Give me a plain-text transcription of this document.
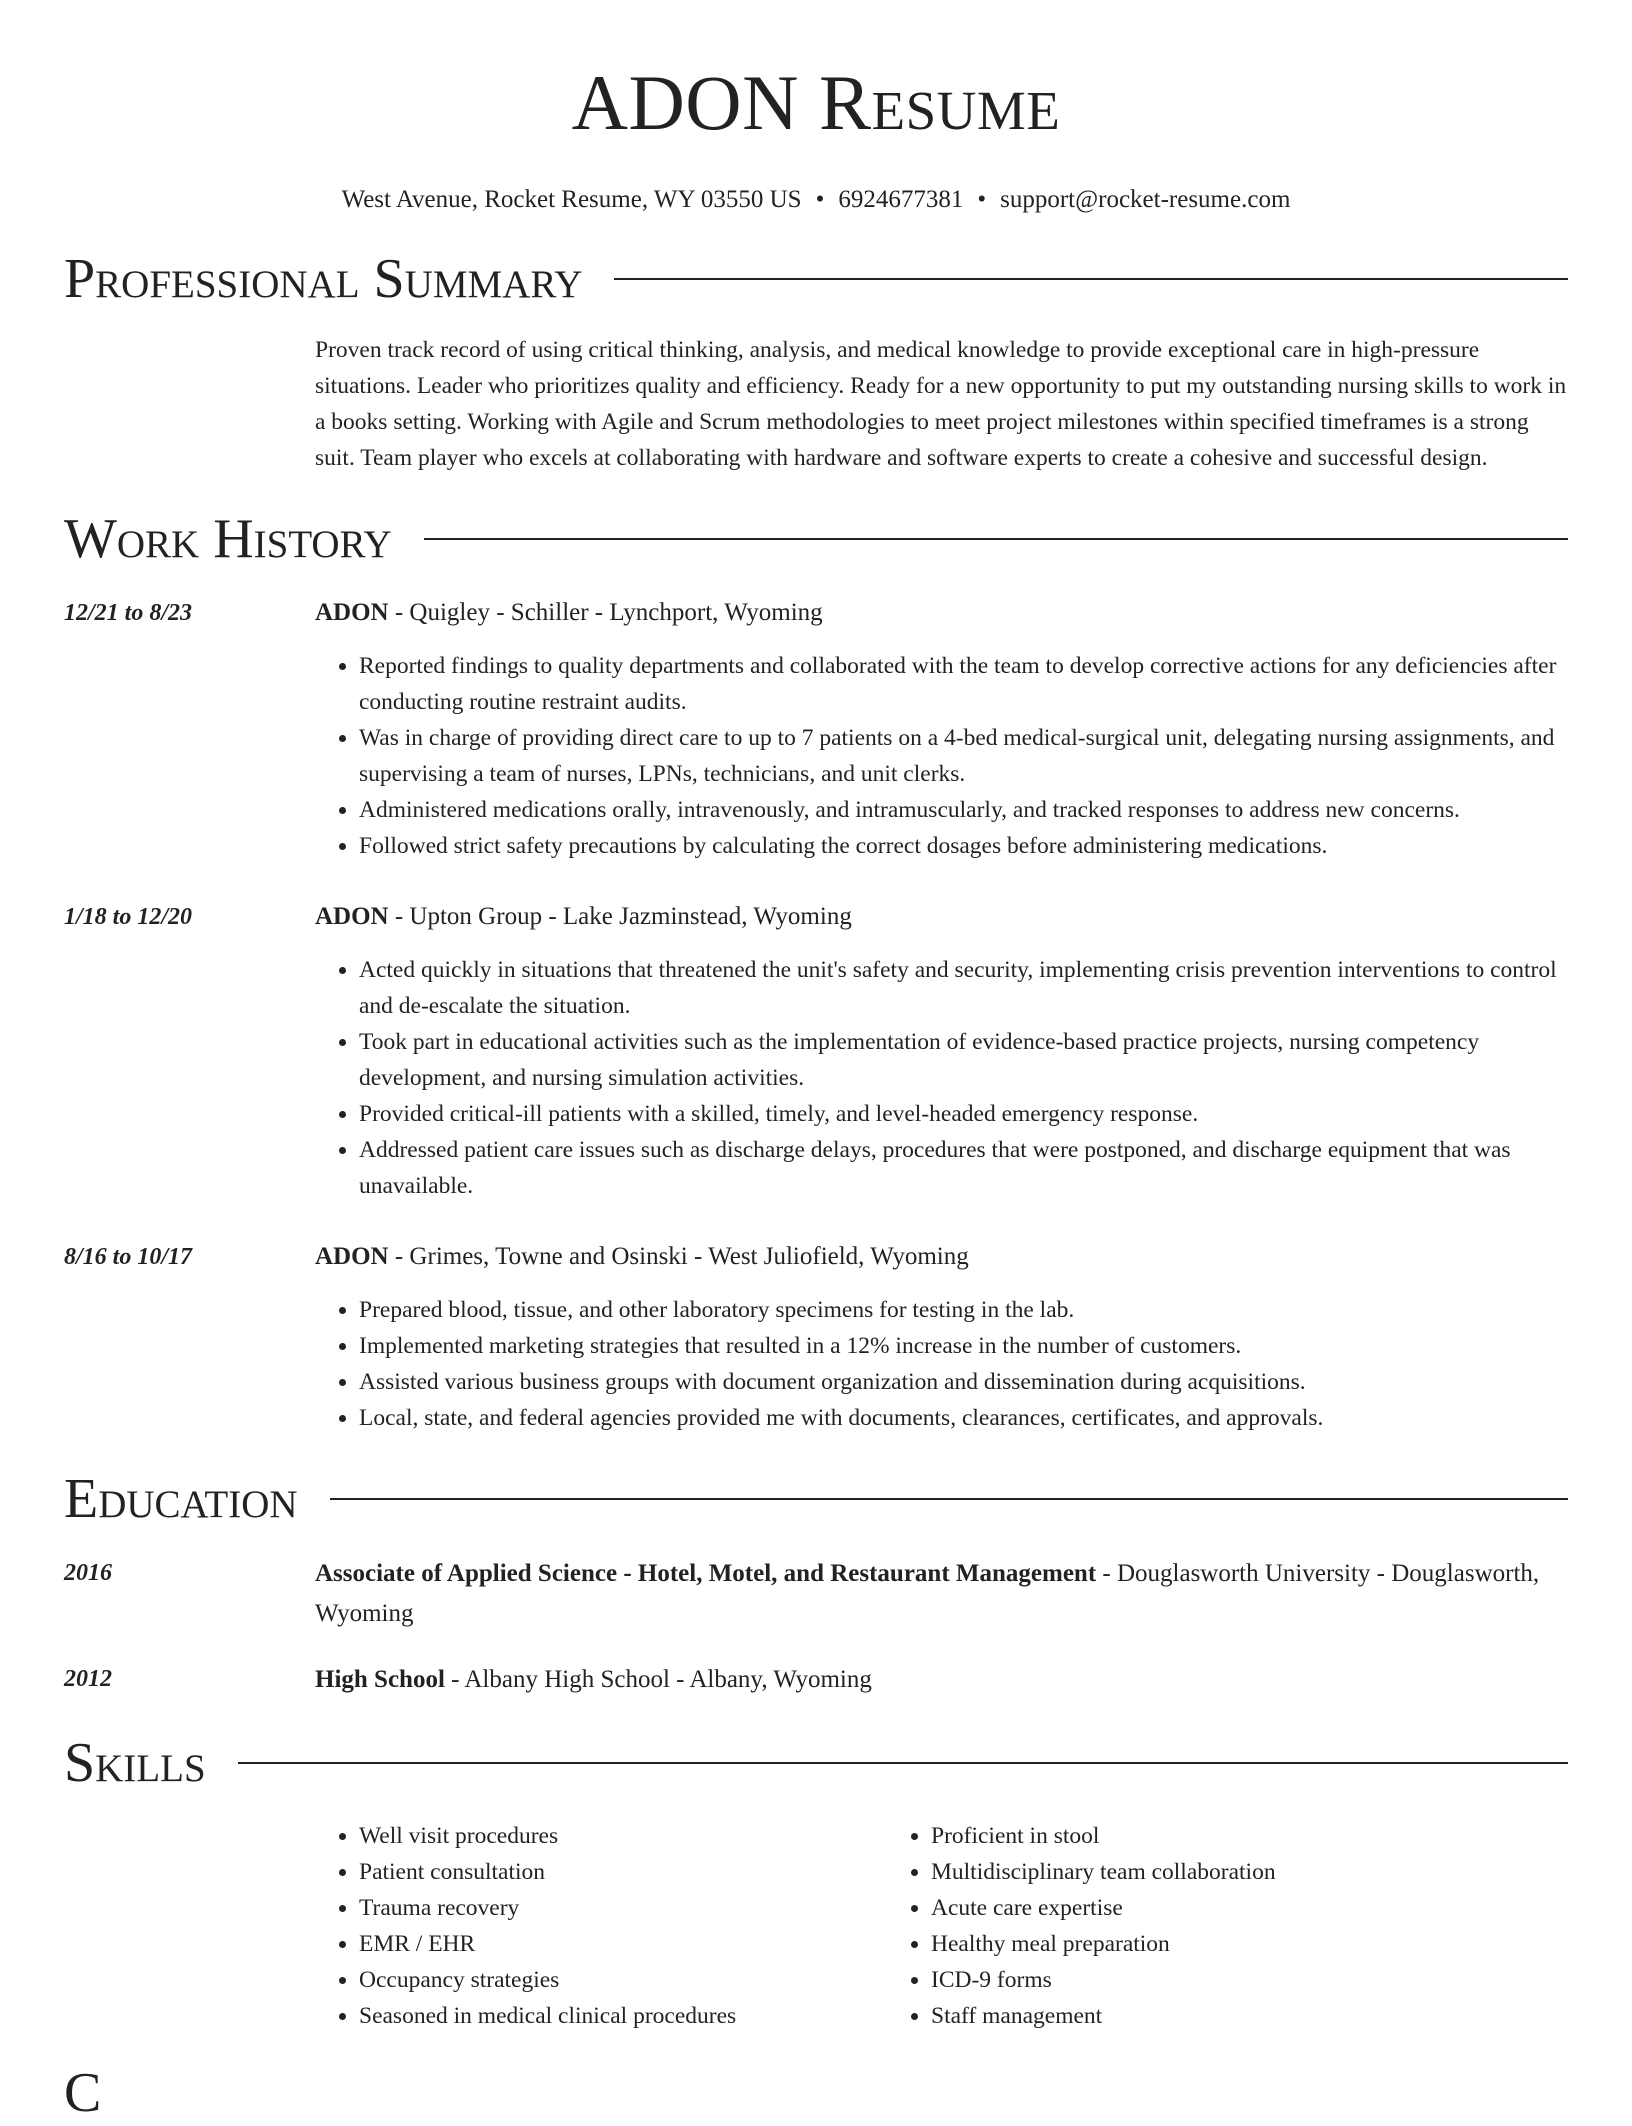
ADON Resume
West Avenue, Rocket Resume, WY 03550 US • 6924677381 • support@rocket-resume.com
Professional Summary
Proven track record of using critical thinking, analysis, and medical knowledge to provide exceptional care in high-pressure situations. Leader who prioritizes quality and efficiency. Ready for a new opportunity to put my outstanding nursing skills to work in a books setting. Working with Agile and Scrum methodologies to meet project milestones within specified timeframes is a strong suit. Team player who excels at collaborating with hardware and software experts to create a cohesive and successful design.
Work History
12/21 to 8/23	ADON - Quigley - Schiller - Lynchport, Wyoming
• Reported findings to quality departments and collaborated with the team to develop corrective actions for any deficiencies after conducting routine restraint audits.
• Was in charge of providing direct care to up to 7 patients on a 4-bed medical-surgical unit, delegating nursing assignments, and supervising a team of nurses, LPNs, technicians, and unit clerks.
• Administered medications orally, intravenously, and intramuscularly, and tracked responses to address new concerns.
• Followed strict safety precautions by calculating the correct dosages before administering medications.
1/18 to 12/20	ADON - Upton Group - Lake Jazminstead, Wyoming
• Acted quickly in situations that threatened the unit's safety and security, implementing crisis prevention interventions to control and de-escalate the situation.
• Took part in educational activities such as the implementation of evidence-based practice projects, nursing competency development, and nursing simulation activities.
• Provided critical-ill patients with a skilled, timely, and level-headed emergency response.
• Addressed patient care issues such as discharge delays, procedures that were postponed, and discharge equipment that was unavailable.
8/16 to 10/17	ADON - Grimes, Towne and Osinski - West Juliofield, Wyoming
• Prepared blood, tissue, and other laboratory specimens for testing in the lab.
• Implemented marketing strategies that resulted in a 12% increase in the number of customers.
• Assisted various business groups with document organization and dissemination during acquisitions.
• Local, state, and federal agencies provided me with documents, clearances, certificates, and approvals.
Education
2016	Associate of Applied Science - Hotel, Motel, and Restaurant Management - Douglasworth University - Douglasworth, Wyoming
2012	High School - Albany High School - Albany, Wyoming
Skills
• Well visit procedures
• Patient consultation
• Trauma recovery
• EMR / EHR
• Occupancy strategies
• Seasoned in medical clinical procedures
• Proficient in stool
• Multidisciplinary team collaboration
• Acute care expertise
• Healthy meal preparation
• ICD-9 forms
• Staff management
C
